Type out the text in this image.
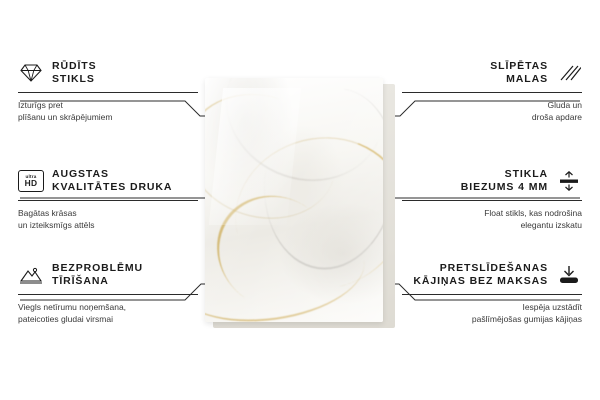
RŪDĪTS
STIKLS
Izturīgs pret
plīšanu un skrāpējumiem
ultra
HD
AUGSTAS
KVALITĀTES DRUKA
Bagātas krāsas
un izteiksmīgs attēls
BEZPROBLĒMU
TĪRĪŠANA
Viegls netīrumu noņemšana,
pateicoties gludai virsmai
SLĪPĒTAS
MALAS
Gluda un
droša apdare
STIKLA
BIEZUMS 4 MM
Float stikls, kas nodrošina
elegantu izskatu
PRETSLĪDEŠANAS
KĀJIŅAS BEZ MAKSAS
Iespēja uzstādīt
pašlīmējošas gumijas kājiņas
